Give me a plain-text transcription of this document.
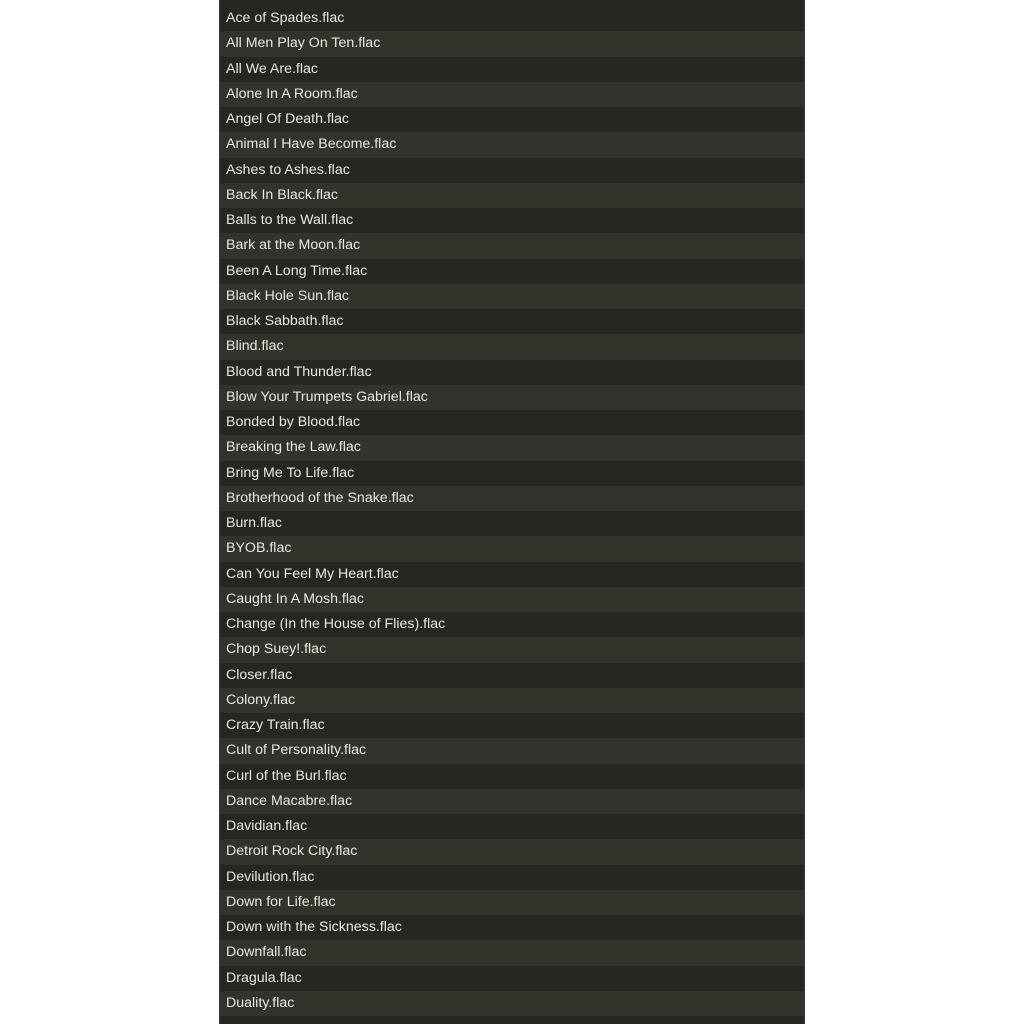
Ace of Spades.flac
All Men Play On Ten.flac
All We Are.flac
Alone In A Room.flac
Angel Of Death.flac
Animal I Have Become.flac
Ashes to Ashes.flac
Back In Black.flac
Balls to the Wall.flac
Bark at the Moon.flac
Been A Long Time.flac
Black Hole Sun.flac
Black Sabbath.flac
Blind.flac
Blood and Thunder.flac
Blow Your Trumpets Gabriel.flac
Bonded by Blood.flac
Breaking the Law.flac
Bring Me To Life.flac
Brotherhood of the Snake.flac
Burn.flac
BYOB.flac
Can You Feel My Heart.flac
Caught In A Mosh.flac
Change (In the House of Flies).flac
Chop Suey!.flac
Closer.flac
Colony.flac
Crazy Train.flac
Cult of Personality.flac
Curl of the Burl.flac
Dance Macabre.flac
Davidian.flac
Detroit Rock City.flac
Devilution.flac
Down for Life.flac
Down with the Sickness.flac
Downfall.flac
Dragula.flac
Duality.flac
